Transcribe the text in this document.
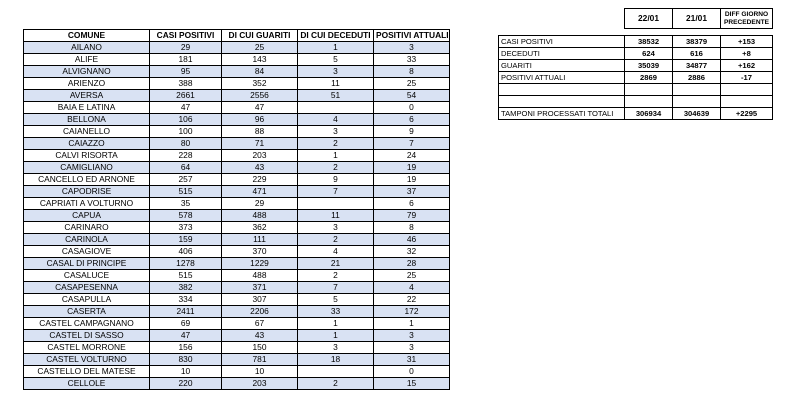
COMUNE	CASI POSITIVI	DI CUI GUARITI	DI CUI DECEDUTI	POSITIVI ATTUALI
AILANO	29	25	1	3
ALIFE	181	143	5	33
ALVIGNANO	95	84	3	8
ARIENZO	388	352	11	25
AVERSA	2661	2556	51	54
BAIA E LATINA	47	47		0
BELLONA	106	96	4	6
CAIANELLO	100	88	3	9
CAIAZZO	80	71	2	7
CALVI RISORTA	228	203	1	24
CAMIGLIANO	64	43	2	19
CANCELLO ED ARNONE	257	229	9	19
CAPODRISE	515	471	7	37
CAPRIATI A VOLTURNO	35	29		6
CAPUA	578	488	11	79
CARINARO	373	362	3	8
CARINOLA	159	111	2	46
CASAGIOVE	406	370	4	32
CASAL DI PRINCIPE	1278	1229	21	28
CASALUCE	515	488	2	25
CASAPESENNA	382	371	7	4
CASAPULLA	334	307	5	22
CASERTA	2411	2206	33	172
CASTEL CAMPAGNANO	69	67	1	1
CASTEL DI SASSO	47	43	1	3
CASTEL MORRONE	156	150	3	3
CASTEL VOLTURNO	830	781	18	31
CASTELLO DEL MATESE	10	10		0
CELLOLE	220	203	2	15
	22/01	21/01	DIFF GIORNO PRECEDENTE

CASI POSITIVI	38532	38379	+153
DECEDUTI	624	616	+8
GUARITI	35039	34877	+162
POSITIVI ATTUALI	2869	2886	-17

TAMPONI PROCESSATI TOTALI	306934	304639	+2295
